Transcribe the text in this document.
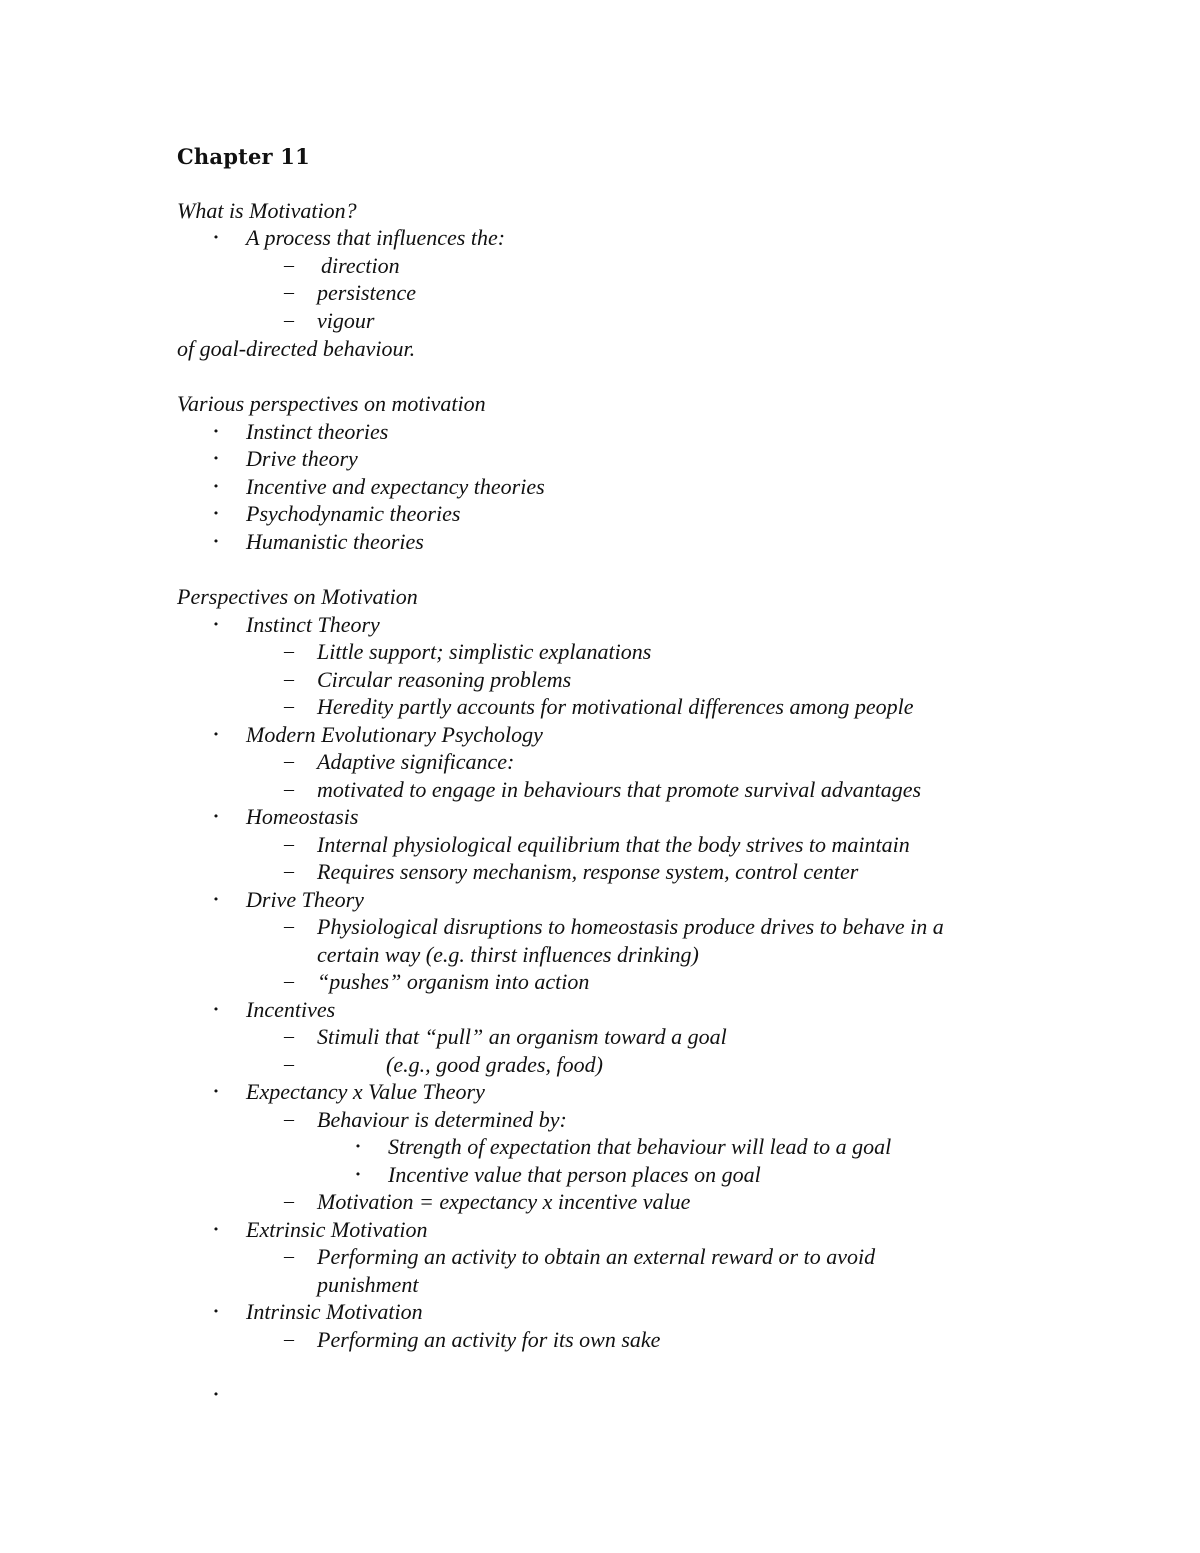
Chapter 11
What is Motivation?
• A process that influences the:
– direction
– persistence
– vigour
of goal-directed behaviour.
Various perspectives on motivation
• Instinct theories
• Drive theory
• Incentive and expectancy theories
• Psychodynamic theories
• Humanistic theories
Perspectives on Motivation
• Instinct Theory
– Little support; simplistic explanations
– Circular reasoning problems
– Heredity partly accounts for motivational differences among people
• Modern Evolutionary Psychology
– Adaptive significance:
– motivated to engage in behaviours that promote survival advantages
• Homeostasis
– Internal physiological equilibrium that the body strives to maintain
– Requires sensory mechanism, response system, control center
• Drive Theory
– Physiological disruptions to homeostasis produce drives to behave in a
certain way (e.g. thirst influences drinking)
– “pushes” organism into action
• Incentives
– Stimuli that “pull” an organism toward a goal
–	(e.g., good grades, food)
• Expectancy x Value Theory
– Behaviour is determined by:
• Strength of expectation that behaviour will lead to a goal
• Incentive value that person places on goal
– Motivation = expectancy x incentive value
• Extrinsic Motivation
– Performing an activity to obtain an external reward or to avoid
punishment
• Intrinsic Motivation
– Performing an activity for its own sake
•
